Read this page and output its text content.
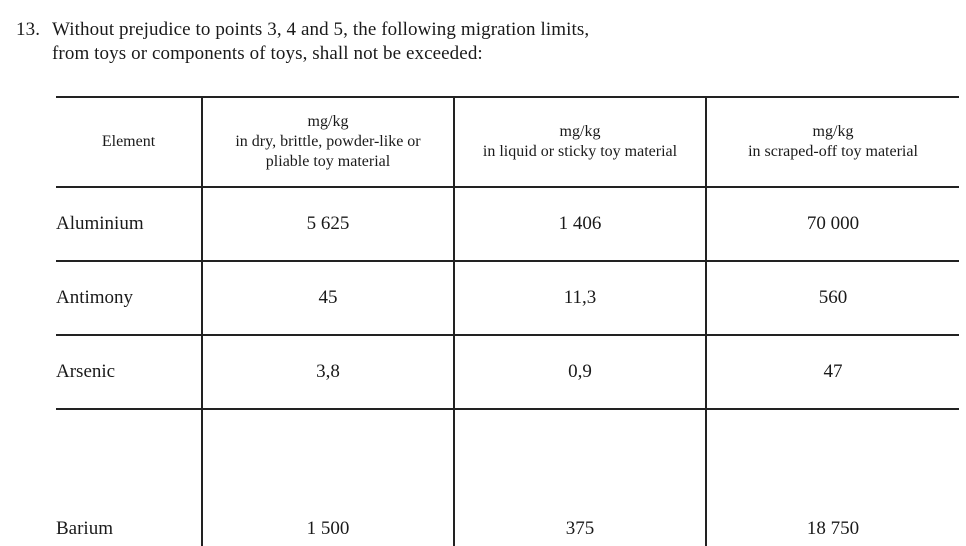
13. Without prejudice to points 3, 4 and 5, the following migration limits,
from toys or components of toys, shall not be exceeded:
Element	mg/kg
in dry, brittle, powder-like or
pliable toy material	mg/kg
in liquid or sticky toy material	mg/kg
in scraped-off toy material

Aluminium	5 625	1 406	70 000
Antimony	45	11,3	560
Arsenic	3,8	0,9	47
Barium	1 500	375	18 750
